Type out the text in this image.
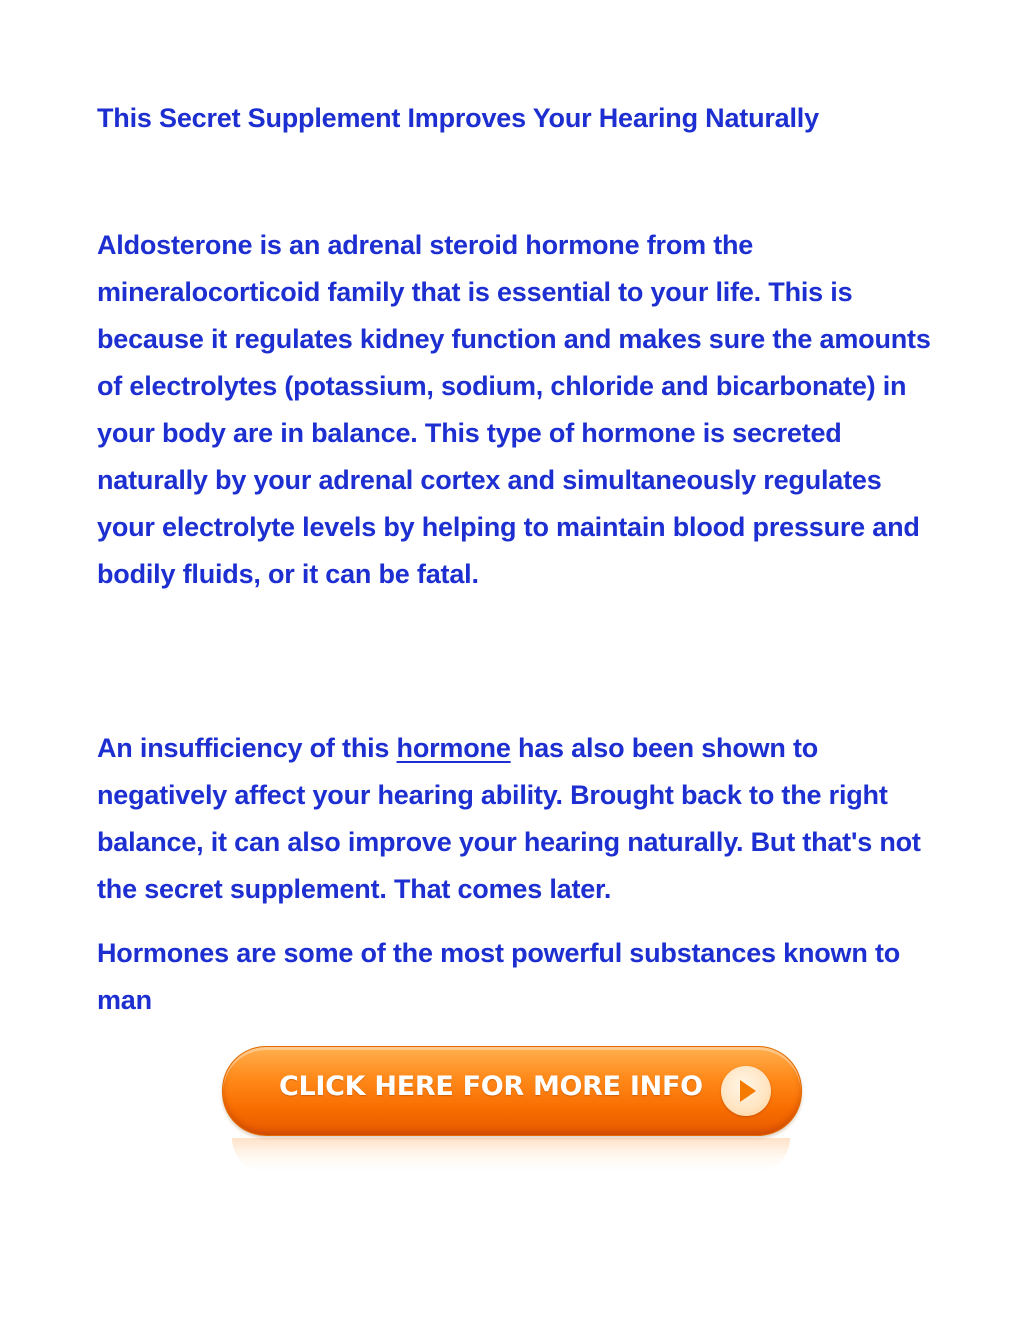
This Secret Supplement Improves Your Hearing Naturally

Aldosterone is an adrenal steroid hormone from the mineralocorticoid family that is essential to your life. This is because it regulates kidney function and makes sure the amounts of electrolytes (potassium, sodium, chloride and bicarbonate) in your body are in balance. This type of hormone is secreted naturally by your adrenal cortex and simultaneously regulates your electrolyte levels by helping to maintain blood pressure and bodily fluids, or it can be fatal.

An insufficiency of this hormone has also been shown to negatively affect your hearing ability. Brought back to the right balance, it can also improve your hearing naturally. But that's not the secret supplement. That comes later.

Hormones are some of the most powerful substances known to man

CLICK HERE FOR MORE INFO
